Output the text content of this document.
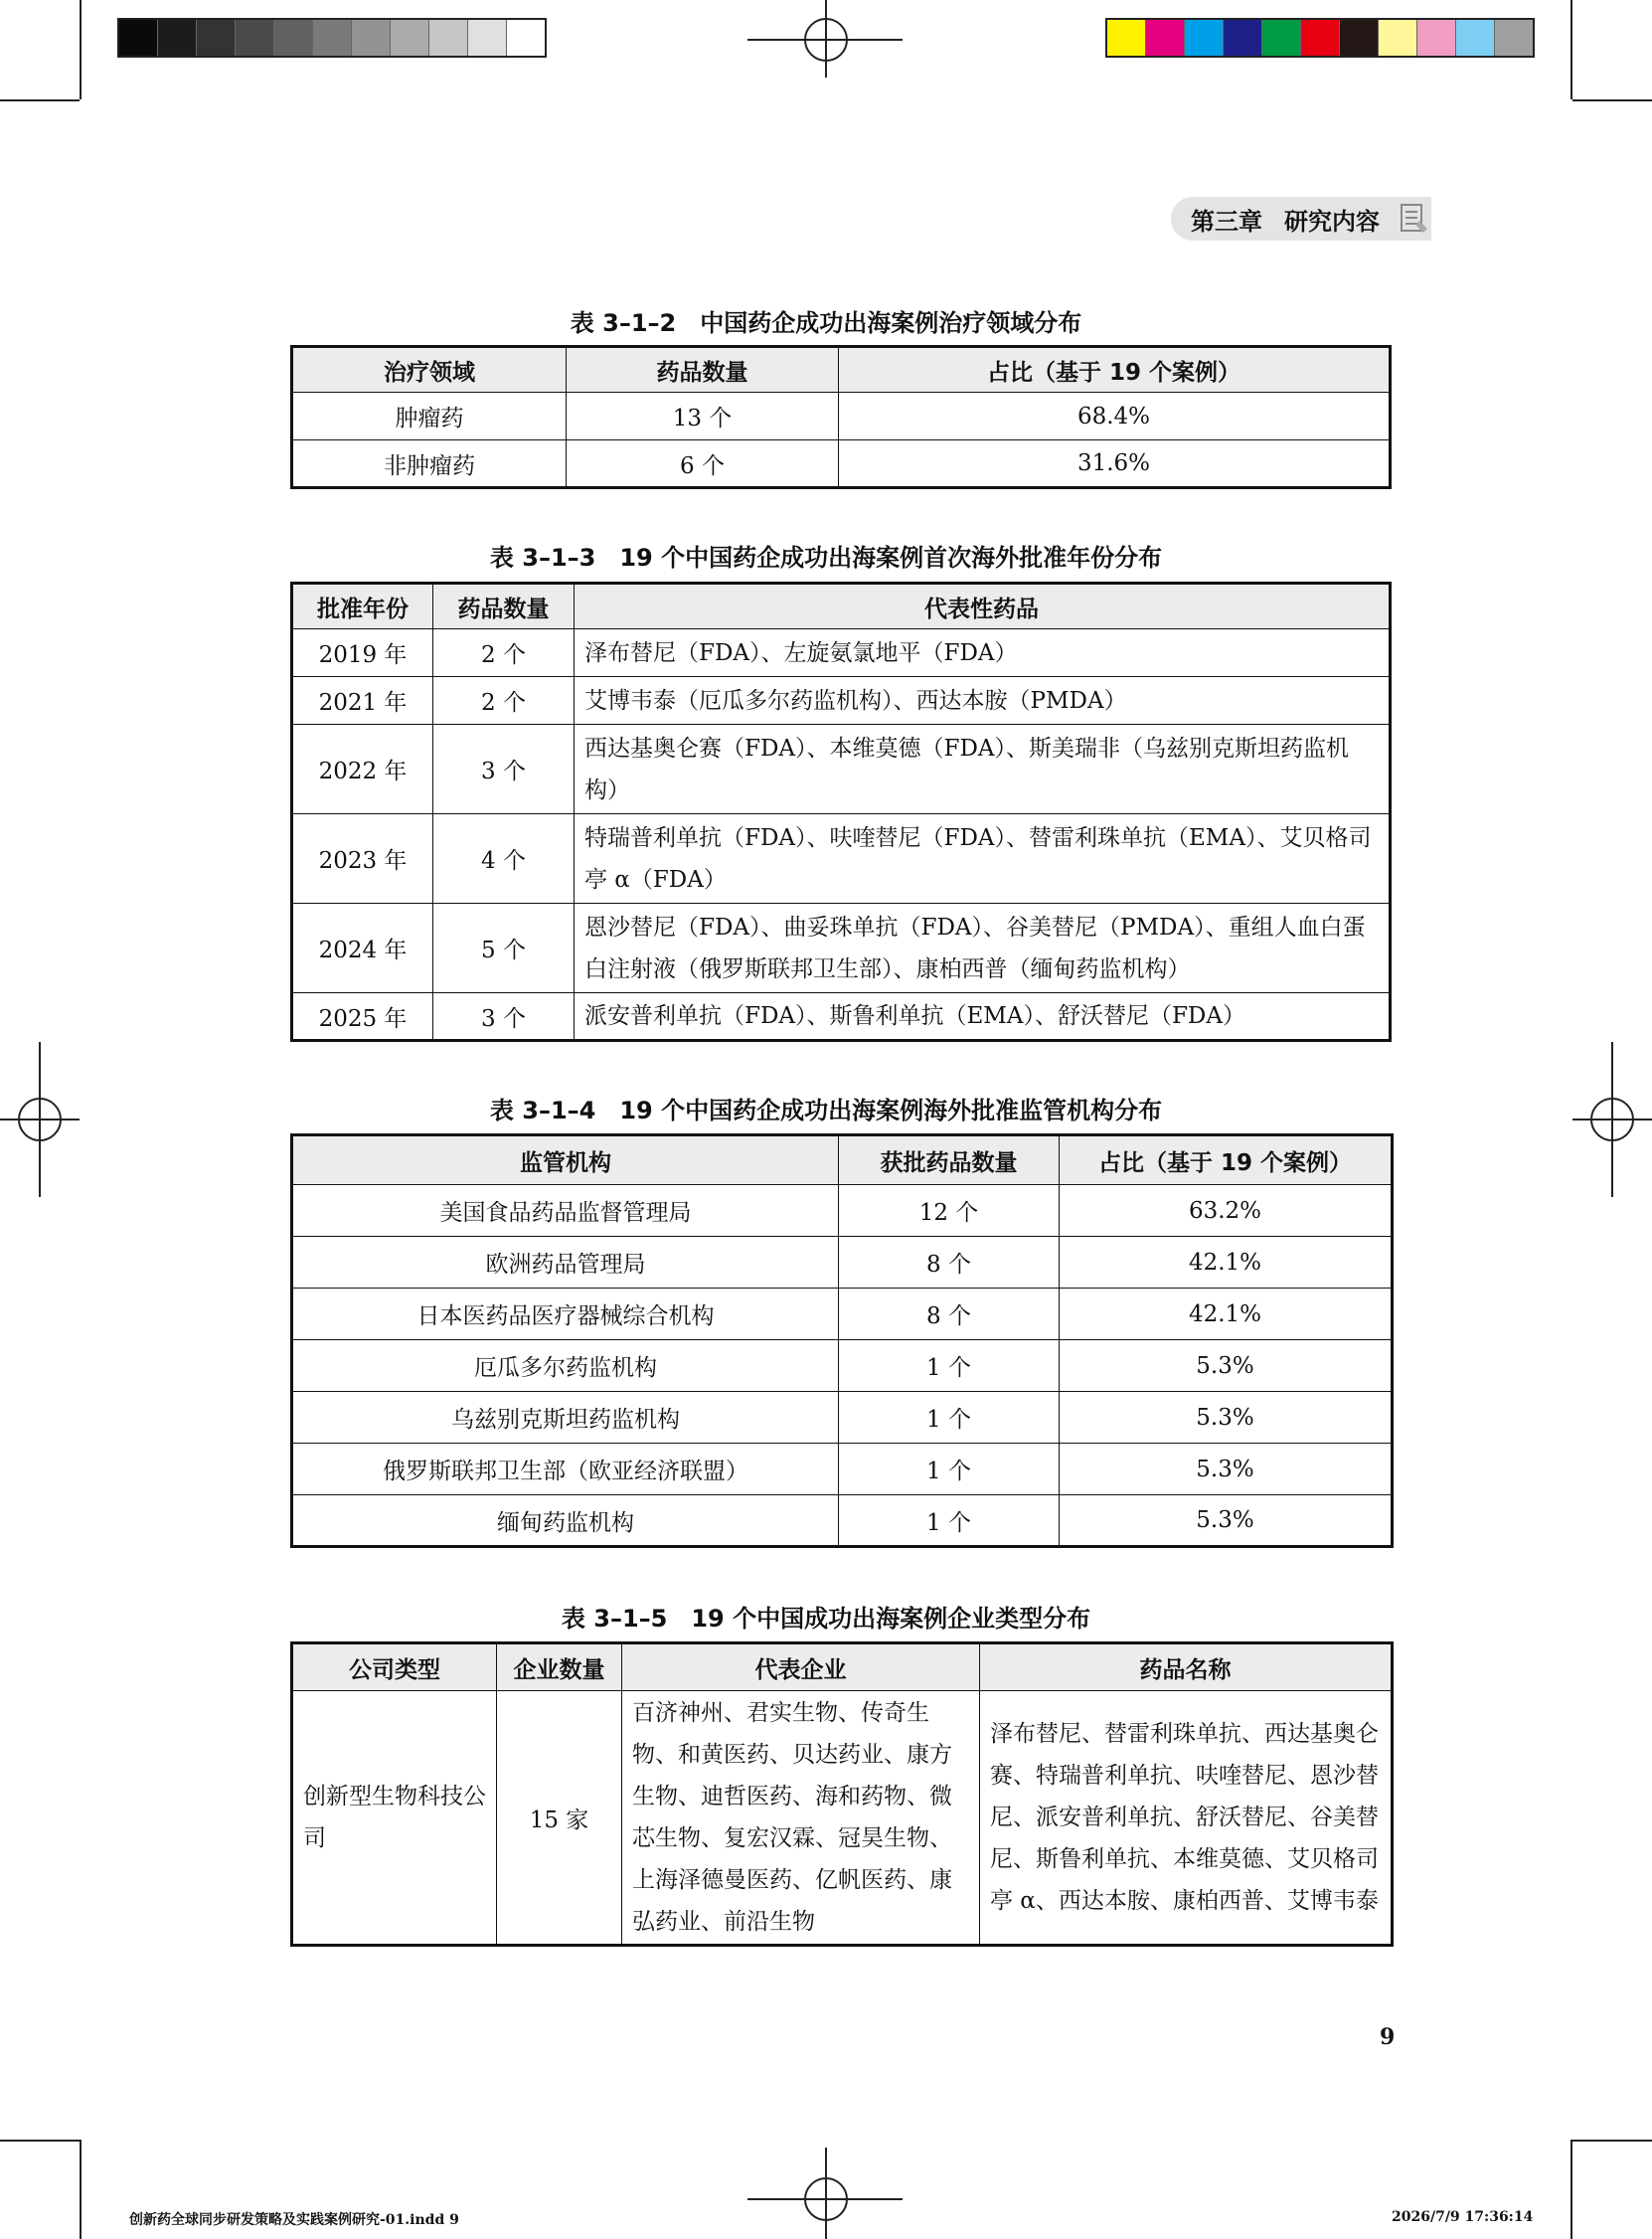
第三章 研究内容
表 3–1–2　中国药企成功出海案例治疗领域分布
治疗领域	药品数量	占比（基于 19 个案例）
肿瘤药	13 个	68.4%
非肿瘤药	6 个	31.6%
表 3–1–3　19 个中国药企成功出海案例首次海外批准年份分布
批准年份	药品数量	代表性药品
2019 年	2 个	泽布替尼（FDA）、左旋氨氯地平（FDA）
2021 年	2 个	艾博韦泰（厄瓜多尔药监机构）、西达本胺（PMDA）
2022 年	3 个	西达基奥仑赛（FDA）、本维莫德（FDA）、斯美瑞非（乌兹别克斯坦药监机构）
2023 年	4 个	特瑞普利单抗（FDA）、呋喹替尼（FDA）、替雷利珠单抗（EMA）、艾贝格司亭 α（FDA）
2024 年	5 个	恩沙替尼（FDA）、曲妥珠单抗（FDA）、谷美替尼（PMDA）、重组人血白蛋白注射液（俄罗斯联邦卫生部）、康柏西普（缅甸药监机构）
2025 年	3 个	派安普利单抗（FDA）、斯鲁利单抗（EMA）、舒沃替尼（FDA）
表 3–1–4　19 个中国药企成功出海案例海外批准监管机构分布
监管机构	获批药品数量	占比（基于 19 个案例）
美国食品药品监督管理局	12 个	63.2%
欧洲药品管理局	8 个	42.1%
日本医药品医疗器械综合机构	8 个	42.1%
厄瓜多尔药监机构	1 个	5.3%
乌兹别克斯坦药监机构	1 个	5.3%
俄罗斯联邦卫生部（欧亚经济联盟）	1 个	5.3%
缅甸药监机构	1 个	5.3%
表 3–1–5　19 个中国成功出海案例企业类型分布
公司类型	企业数量	代表企业	药品名称
创新型生物科技公司	15 家	百济神州、君实生物、传奇生物、和黄医药、贝达药业、康方生物、迪哲医药、海和药物、微芯生物、复宏汉霖、冠昊生物、上海泽德曼医药、亿帆医药、康弘药业、前沿生物	泽布替尼、替雷利珠单抗、西达基奥仑赛、特瑞普利单抗、呋喹替尼、恩沙替尼、派安普利单抗、舒沃替尼、谷美替尼、斯鲁利单抗、本维莫德、艾贝格司亭 α、西达本胺、康柏西普、艾博韦泰
9
创新药全球同步研发策略及实践案例研究-01.indd 9	2026/7/9 17:36:14
